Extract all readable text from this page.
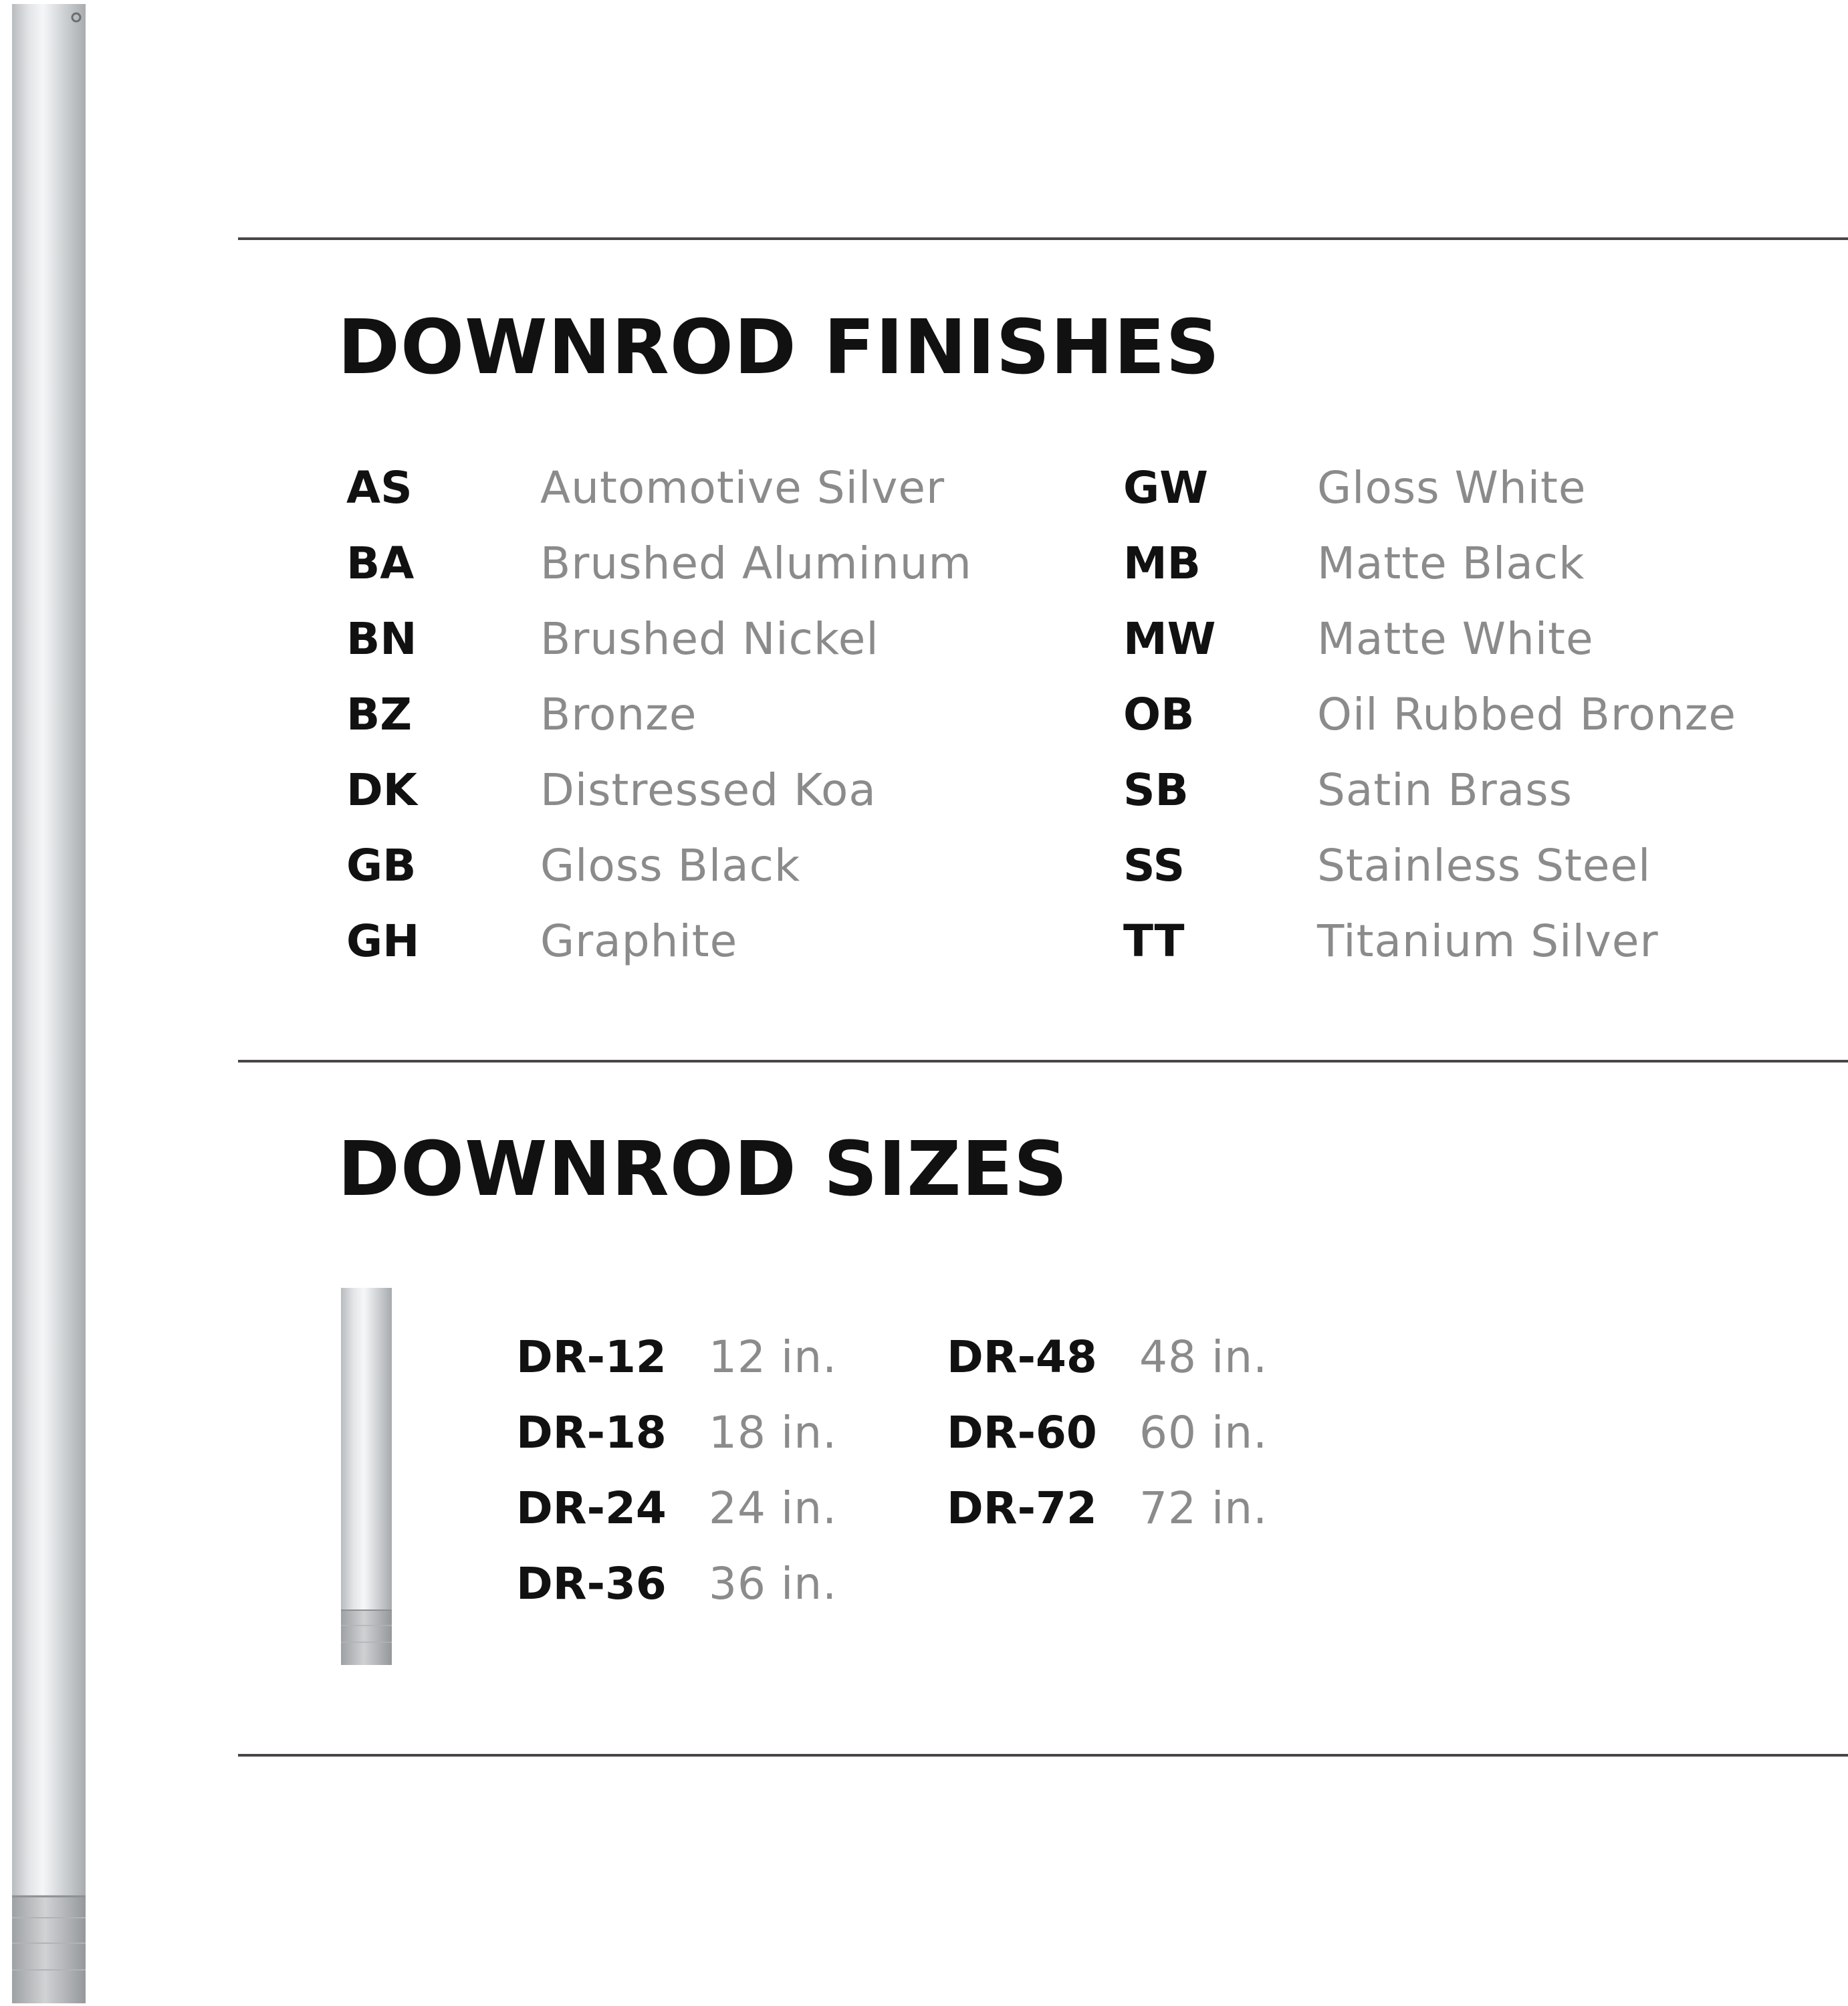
DOWNROD FINISHES
AS	Automotive Silver
BA	Brushed Aluminum
BN	Brushed Nickel
BZ	Bronze
DK	Distressed Koa
GB	Gloss Black
GH	Graphite
GW Gloss White
MB	Matte Black
MW Matte White
OB	Oil Rubbed Bronze
SB	Satin Brass
SS	Stainless Steel
TT	Titanium Silver
DOWNROD SIZES
DR-12 12 in.
DR-18 18 in.
DR-24 24 in.
DR-36 36 in.
DR-48 48 in.
DR-60 60 in.
DR-72 72 in.
